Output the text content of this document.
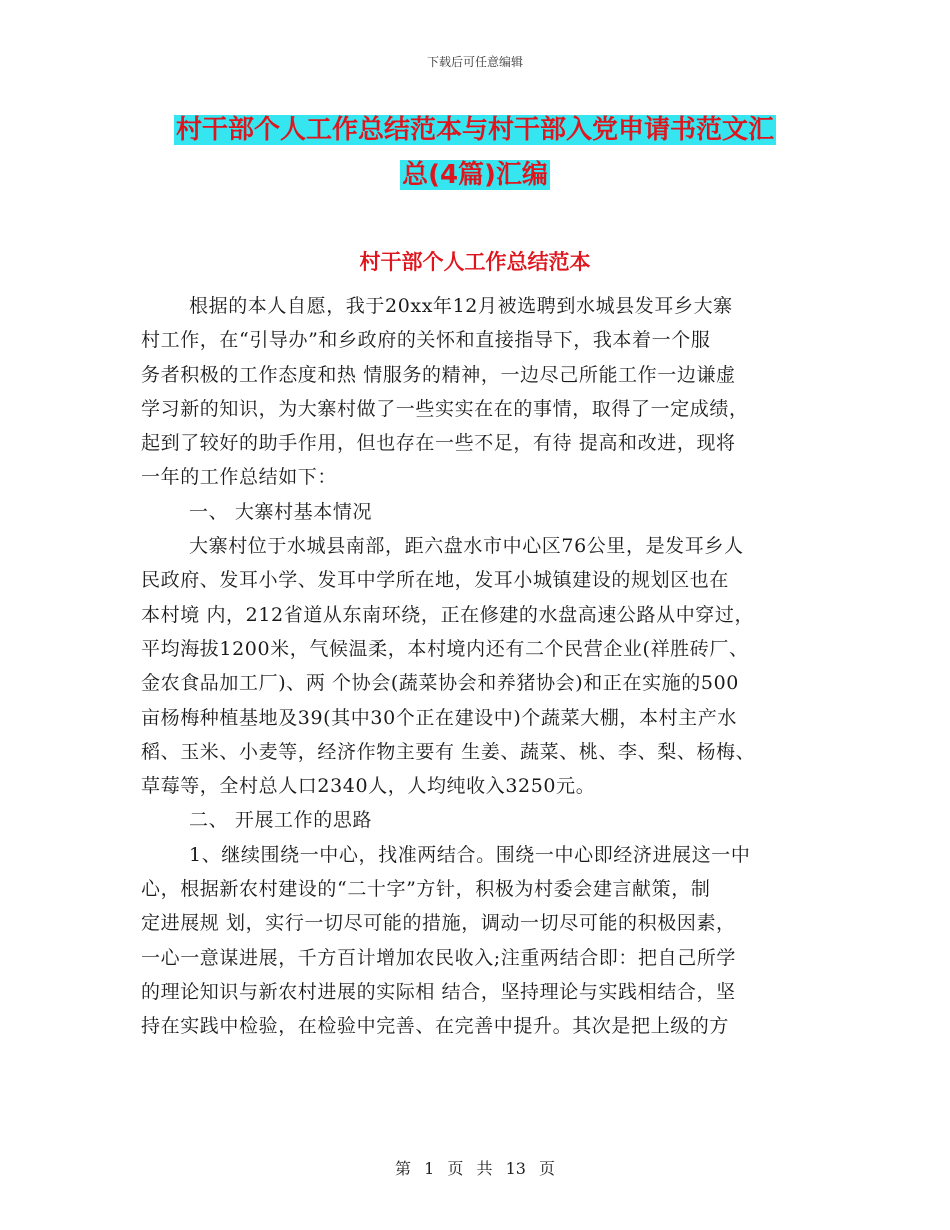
下载后可任意编辑
村干部个人工作总结范本与村干部入党申请书范文汇
总(4篇)汇编
村干部个人工作总结范本
根据的本人自愿，我于20xx年12月被选聘到水城县发耳乡大寨
村工作，在“引导办”和乡政府的关怀和直接指导下，我本着一个服
务者积极的工作态度和热 情服务的精神，一边尽己所能工作一边谦虚
学习新的知识，为大寨村做了一些实实在在的事情，取得了一定成绩，
起到了较好的助手作用，但也存在一些不足，有待 提高和改进，现将
一年的工作总结如下：
一、 大寨村基本情况
大寨村位于水城县南部，距六盘水市中心区76公里，是发耳乡人
民政府、发耳小学、发耳中学所在地，发耳小城镇建设的规划区也在
本村境 内，212省道从东南环绕，正在修建的水盘高速公路从中穿过，
平均海拔1200米，气候温柔，本村境内还有二个民营企业(祥胜砖厂、
金农食品加工厂)、两 个协会(蔬菜协会和养猪协会)和正在实施的500
亩杨梅种植基地及39(其中30个正在建设中)个蔬菜大棚，本村主产水
稻、玉米、小麦等，经济作物主要有 生姜、蔬菜、桃、李、梨、杨梅、
草莓等，全村总人口2340人，人均纯收入3250元。
二、 开展工作的思路
1、继续围绕一中心，找准两结合。围绕一中心即经济进展这一中
心，根据新农村建设的“二十字”方针，积极为村委会建言献策，制
定进展规 划，实行一切尽可能的措施，调动一切尽可能的积极因素，
一心一意谋进展，千方百计增加农民收入;注重两结合即：把自己所学
的理论知识与新农村进展的实际相 结合，坚持理论与实践相结合，坚
持在实践中检验，在检验中完善、在完善中提升。其次是把上级的方
第 1 页 共 13 页
